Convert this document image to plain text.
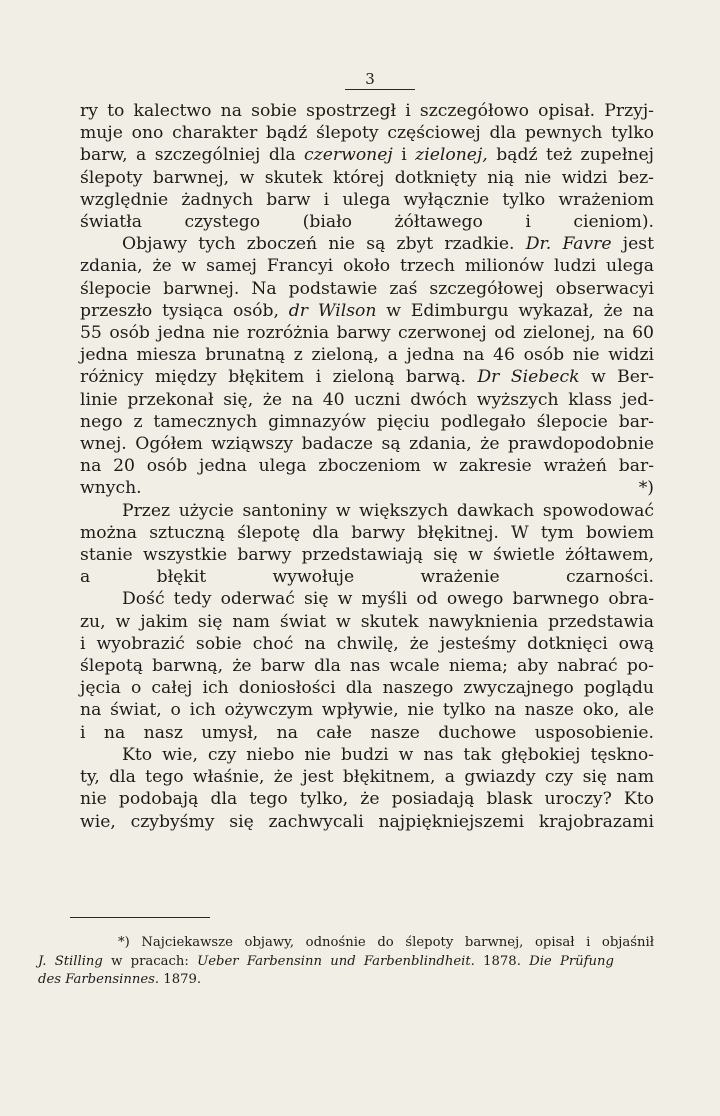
3

ry to kalectwo na sobie spostrzegł i szczegółowo opisał. Przyj-
muje ono charakter bądź ślepoty częściowej dla pewnych tylko
barw, a szczególniej dla czerwonej i zielonej, bądź też zupełnej
ślepoty barwnej, w skutek której dotknięty nią nie widzi bez-
względnie żadnych barw i ulega wyłącznie tylko wrażeniom
światła czystego (biało żółtawego i cieniom).

Objawy tych zboczeń nie są zbyt rzadkie. Dr. Favre jest
zdania, że w samej Francyi około trzech milionów ludzi ulega
ślepocie barwnej. Na podstawie zaś szczegółowej obserwacyi
przeszło tysiąca osób, dr Wilson w Edimburgu wykazał, że na
55 osób jedna nie rozróżnia barwy czerwonej od zielonej, na 60
jedna miesza brunatną z zieloną, a jedna na 46 osób nie widzi
różnicy między błękitem i zieloną barwą. Dr Siebeck w Ber-
linie przekonał się, że na 40 uczni dwóch wyższych klass jed-
nego z tamecznych gimnazyów pięciu podlegało ślepocie bar-
wnej. Ogółem wziąwszy badacze są zdania, że prawdopodobnie
na 20 osób jedna ulega zboczeniom w zakresie wrażeń bar-
wnych. *)

Przez użycie santoniny w większych dawkach spowodować
można sztuczną ślepotę dla barwy błękitnej. W tym bowiem
stanie wszystkie barwy przedstawiają się w świetle żółtawem,
a błękit wywołuje wrażenie czarności.

Dość tedy oderwać się w myśli od owego barwnego obra-
zu, w jakim się nam świat w skutek nawyknienia przedstawia
i wyobrazić sobie choć na chwilę, że jesteśmy dotknięci ową
ślepotą barwną, że barw dla nas wcale niema; aby nabrać po-
jęcia o całej ich doniosłości dla naszego zwyczajnego poglądu
na świat, o ich ożywczym wpływie, nie tylko na nasze oko, ale
i na nasz umysł, na całe nasze duchowe usposobienie.

Kto wie, czy niebo nie budzi w nas tak głębokiej tęskno-
ty, dla tego właśnie, że jest błękitnem, a gwiazdy czy się nam
nie podobają dla tego tylko, że posiadają blask uroczy? Kto
wie, czybyśmy się zachwycali najpiękniejszemi krajobrazami

*) Najciekawsze objawy, odnośnie do ślepoty barwnej, opisał i objaśnił
J. Stilling w pracach: Ueber Farbensinn und Farbenblindheit. 1878. Die Prüfung
des Farbensinnes. 1879.
